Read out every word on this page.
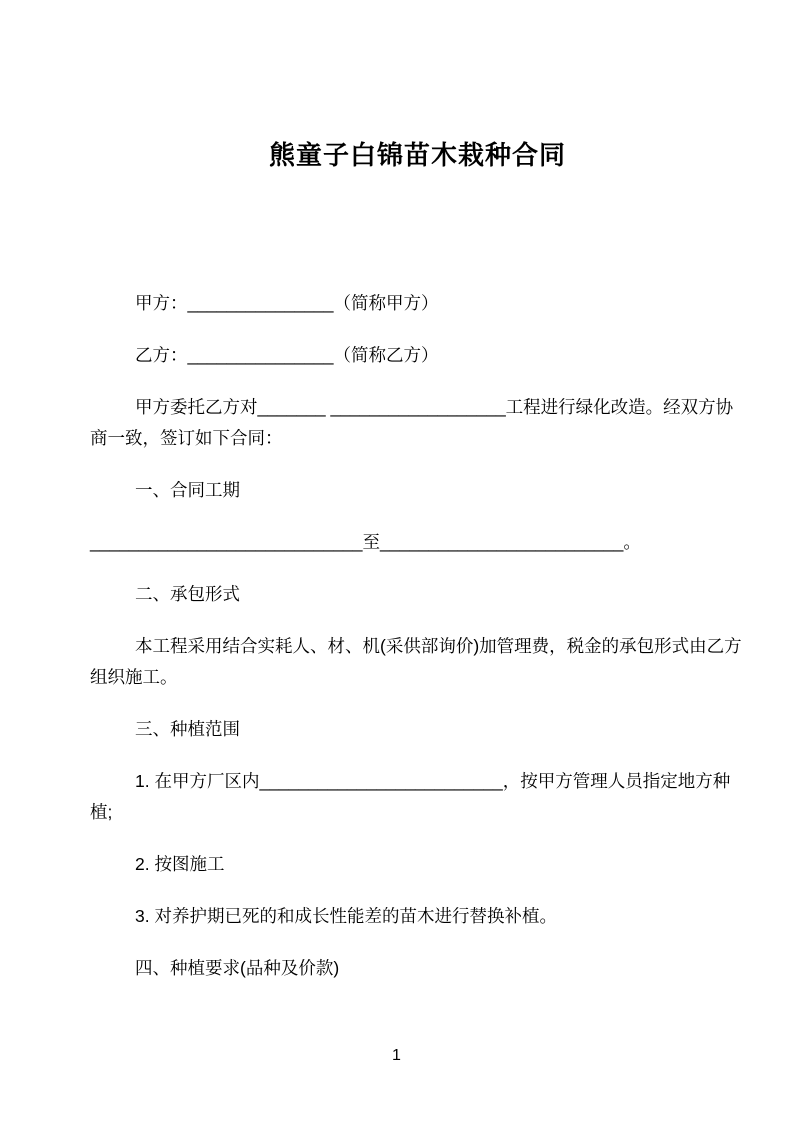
熊童子白锦苗木栽种合同

甲方：_______________（简称甲方）

乙方：_______________（简称乙方）

甲方委托乙方对_______ __________________工程进行绿化改造。经双方协商一致，签订如下合同：

一、合同工期

____________________________至_________________________。

二、承包形式

本工程采用结合实耗人、材、机(采供部询价)加管理费，税金的承包形式由乙方组织施工。

三、种植范围

1. 在甲方厂区内_________________________，按甲方管理人员指定地方种植;

2. 按图施工

3. 对养护期已死的和成长性能差的苗木进行替换补植。

四、种植要求(品种及价款)

1
